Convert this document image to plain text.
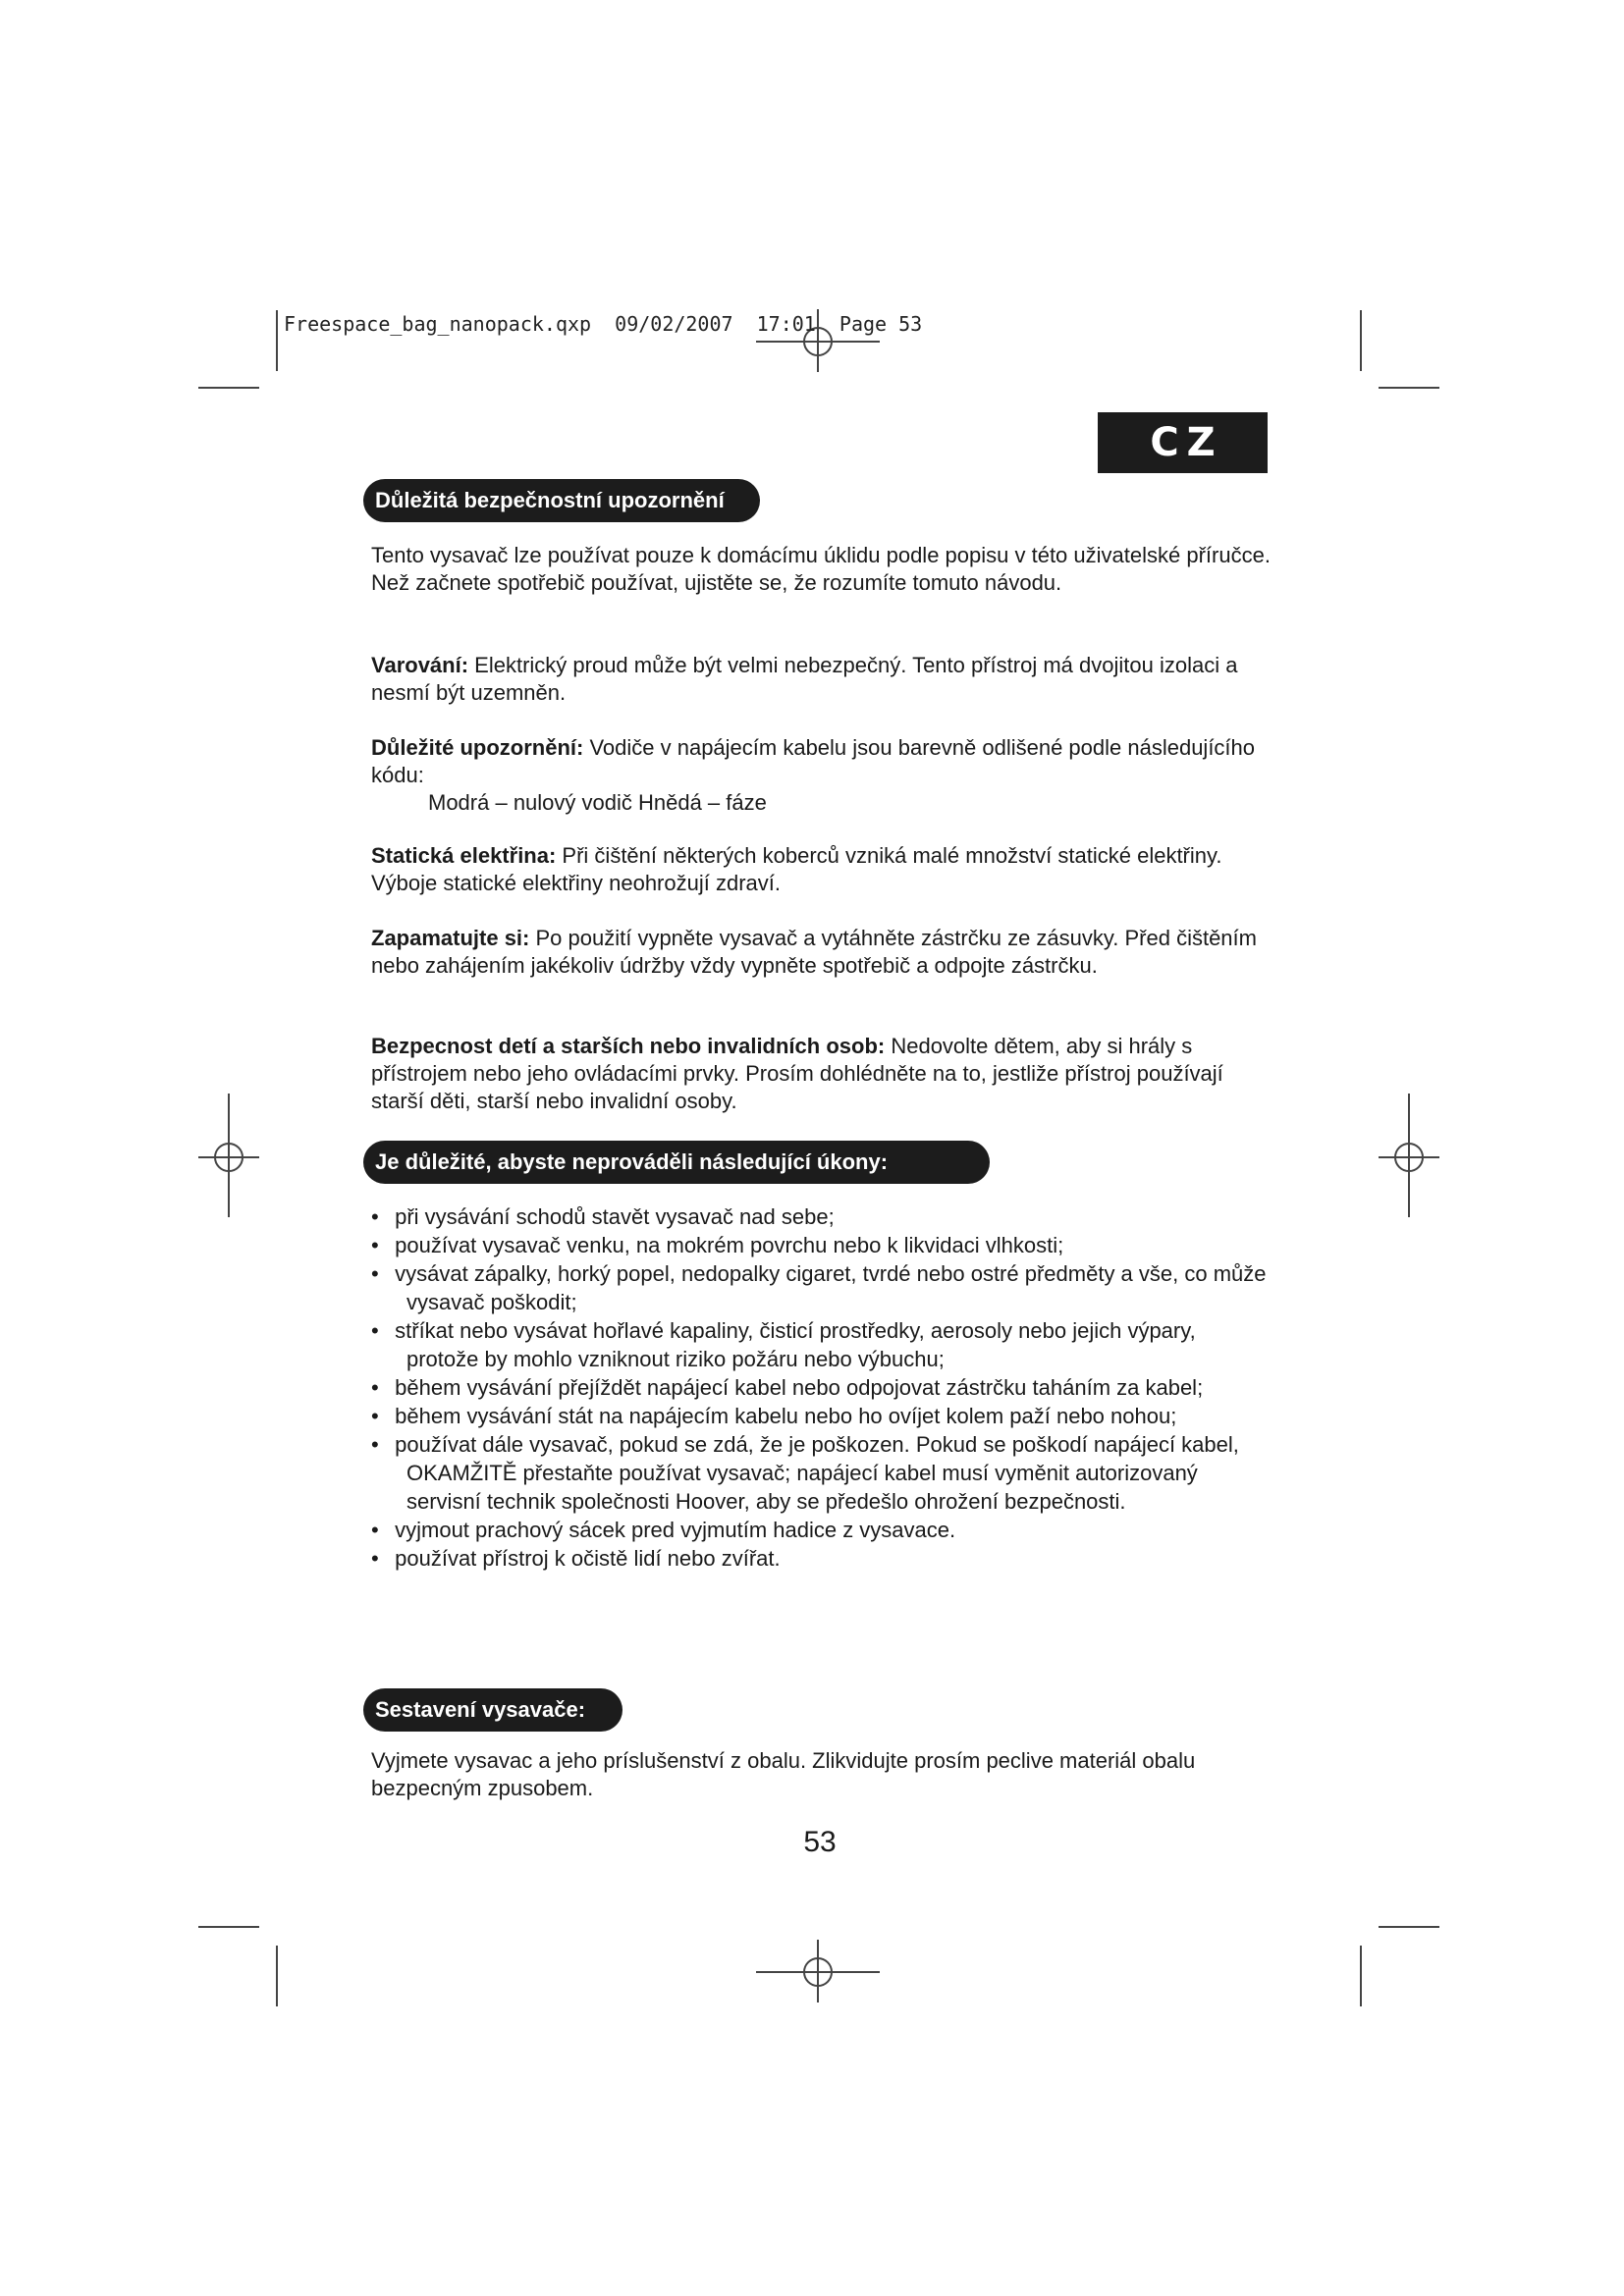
Freespace_bag_nanopack.qxp  09/02/2007  17:01  Page 53
CZ
Důležitá bezpečnostní upozornění

Tento vysavač lze používat pouze k domácímu úklidu podle popisu v této uživatelské příručce. Než začnete spotřebič používat, ujistěte se, že rozumíte tomuto návodu.

Varování: Elektrický proud může být velmi nebezpečný. Tento přístroj má dvojitou izolaci a nesmí být uzemněn.

Důležité upozornění: Vodiče v napájecím kabelu jsou barevně odlišené podle následujícího kódu:
Modrá – nulový vodič Hnědá – fáze

Statická elektřina: Při čištění některých koberců vzniká malé množství statické elektřiny. Výboje statické elektřiny neohrožují zdraví.

Zapamatujte si: Po použití vypněte vysavač a vytáhněte zástrčku ze zásuvky. Před čištěním nebo zahájením jakékoliv údržby vždy vypněte spotřebič a odpojte zástrčku.

Bezpecnost detí a starších nebo invalidních osob: Nedovolte dětem, aby si hrály s přístrojem nebo jeho ovládacími prvky. Prosím dohlédněte na to, jestliže přístroj používají starší děti, starší nebo invalidní osoby.

Je důležité, abyste neprováděli následující úkony:
• při vysávání schodů stavět vysavač nad sebe;
• používat vysavač venku, na mokrém povrchu nebo k likvidaci vlhkosti;
• vysávat zápalky, horký popel, nedopalky cigaret, tvrdé nebo ostré předměty a vše, co může vysavač poškodit;
• stříkat nebo vysávat hořlavé kapaliny, čisticí prostředky, aerosoly nebo jejich výpary, protože by mohlo vzniknout riziko požáru nebo výbuchu;
• během vysávání přejíždět napájecí kabel nebo odpojovat zástrčku taháním za kabel;
• během vysávání stát na napájecím kabelu nebo ho ovíjet kolem paží nebo nohou;
• používat dále vysavač, pokud se zdá, že je poškozen. Pokud se poškodí napájecí kabel, OKAMŽITĚ přestaňte používat vysavač; napájecí kabel musí vyměnit autorizovaný servisní technik společnosti Hoover, aby se předešlo ohrožení bezpečnosti.
• vyjmout prachový sácek pred vyjmutím hadice z vysavace.
• používat přístroj k očistě lidí nebo zvířat.
Sestavení vysavače:

Vyjmete vysavac a jeho príslušenství z obalu. Zlikvidujte prosím peclive materiál obalu bezpecným zpusobem.

53
